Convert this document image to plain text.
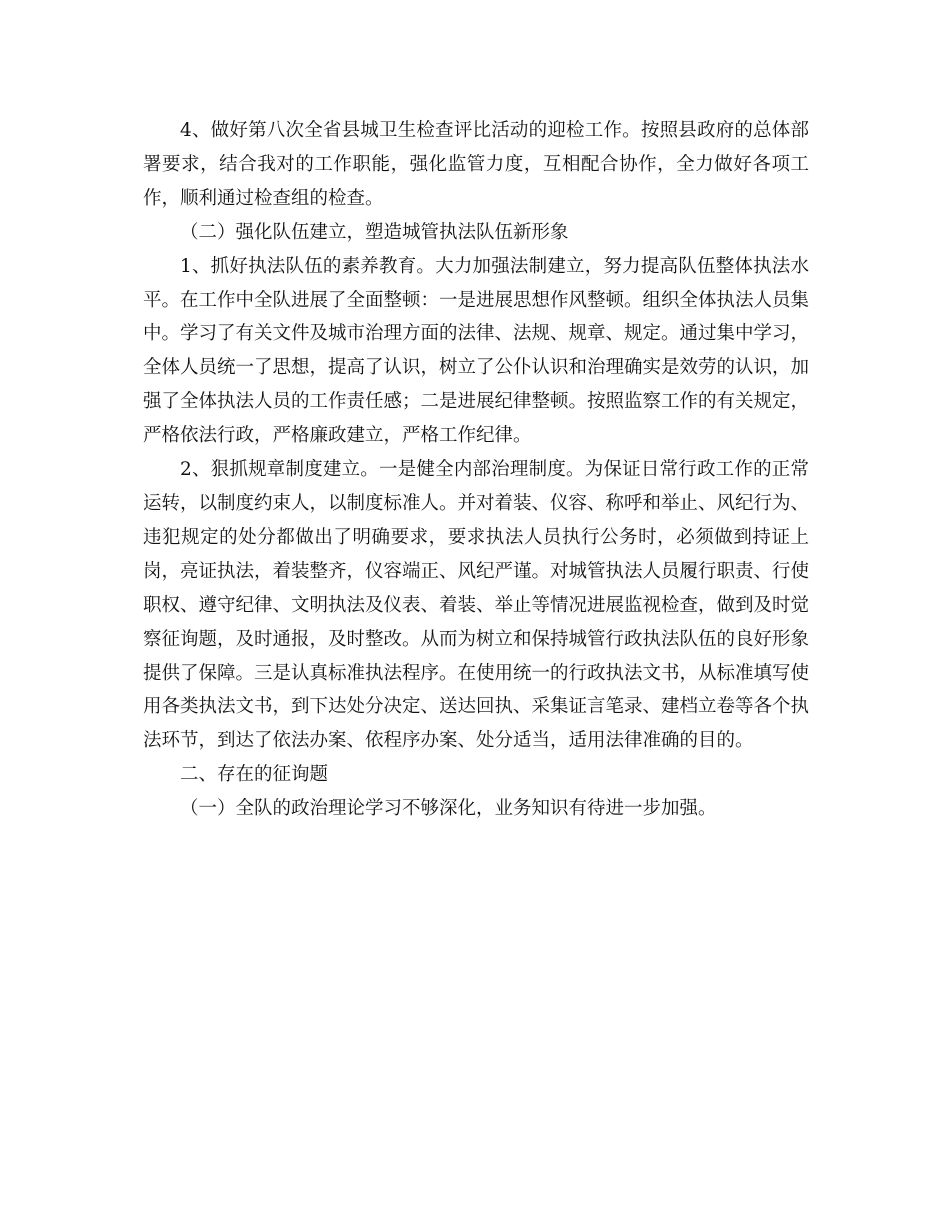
4、做好第八次全省县城卫生检查评比活动的迎检工作。按照县政府的总体部署要求，结合我对的工作职能，强化监管力度，互相配合协作，全力做好各项工作，顺利通过检查组的检查。

（二）强化队伍建立，塑造城管执法队伍新形象

1、抓好执法队伍的素养教育。大力加强法制建立，努力提高队伍整体执法水平。在工作中全队进展了全面整顿：一是进展思想作风整顿。组织全体执法人员集中。学习了有关文件及城市治理方面的法律、法规、规章、规定。通过集中学习，全体人员统一了思想，提高了认识，树立了公仆认识和治理确实是效劳的认识，加强了全体执法人员的工作责任感；二是进展纪律整顿。按照监察工作的有关规定，严格依法行政，严格廉政建立，严格工作纪律。

2、狠抓规章制度建立。一是健全内部治理制度。为保证日常行政工作的正常运转，以制度约束人，以制度标准人。并对着装、仪容、称呼和举止、风纪行为、违犯规定的处分都做出了明确要求，要求执法人员执行公务时，必须做到持证上岗，亮证执法，着装整齐，仪容端正、风纪严谨。对城管执法人员履行职责、行使职权、遵守纪律、文明执法及仪表、着装、举止等情况进展监视检查，做到及时觉察征询题，及时通报，及时整改。从而为树立和保持城管行政执法队伍的良好形象提供了保障。三是认真标准执法程序。在使用统一的行政执法文书，从标准填写使用各类执法文书，到下达处分决定、送达回执、采集证言笔录、建档立卷等各个执法环节，到达了依法办案、依程序办案、处分适当，适用法律准确的目的。

二、存在的征询题

（一）全队的政治理论学习不够深化，业务知识有待进一步加强。
